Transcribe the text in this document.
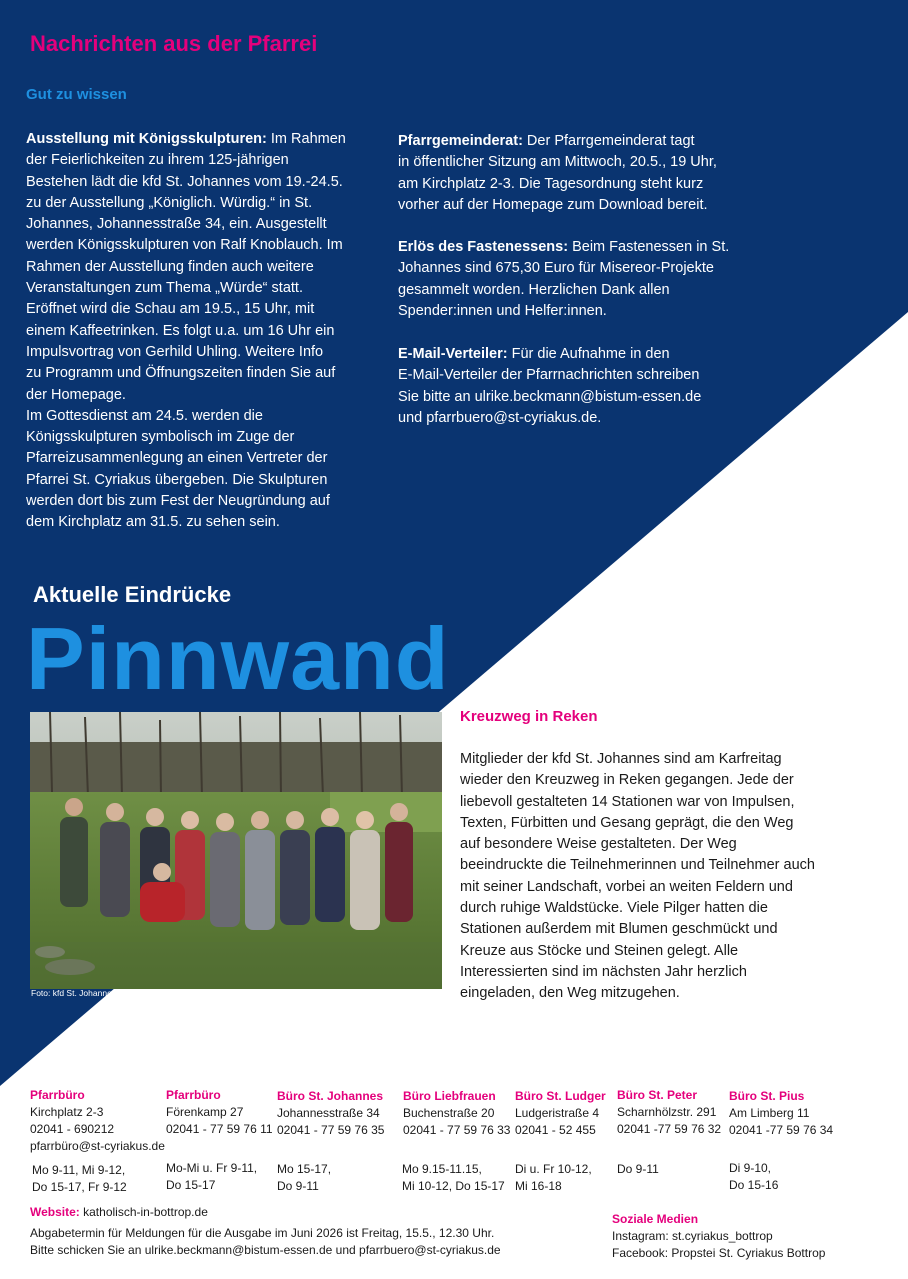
Nachrichten aus der Pfarrei
Gut zu wissen
Ausstellung mit Königsskulpturen: Im Rahmen
der Feierlichkeiten zu ihrem 125-jährigen
Bestehen lädt die kfd St. Johannes vom 19.-24.5.
zu der Ausstellung „Königlich. Würdig.“ in St.
Johannes, Johannesstraße 34, ein. Ausgestellt
werden Königsskulpturen von Ralf Knoblauch. Im
Rahmen der Ausstellung finden auch weitere
Veranstaltungen zum Thema „Würde“ statt.
Eröffnet wird die Schau am 19.5., 15 Uhr, mit
einem Kaffeetrinken. Es folgt u.a. um 16 Uhr ein
Impulsvortrag von Gerhild Uhling. Weitere Info
zu Programm und Öffnungszeiten finden Sie auf
der Homepage.
Im Gottesdienst am 24.5. werden die
Königsskulpturen symbolisch im Zuge der
Pfarreizusammenlegung an einen Vertreter der
Pfarrei St. Cyriakus übergeben. Die Skulpturen
werden dort bis zum Fest der Neugründung auf
dem Kirchplatz am 31.5. zu sehen sein.
Pfarrgemeinderat: Der Pfarrgemeinderat tagt
in öffentlicher Sitzung am Mittwoch, 20.5., 19 Uhr,
am Kirchplatz 2-3. Die Tagesordnung steht kurz
vorher auf der Homepage zum Download bereit.
Erlös des Fastenessens: Beim Fastenessen in St.
Johannes sind 675,30 Euro für Misereor-Projekte
gesammelt worden. Herzlichen Dank allen
Spender:innen und Helfer:innen.
E-Mail-Verteiler: Für die Aufnahme in den
E-Mail-Verteiler der Pfarrnachrichten schreiben
Sie bitte an ulrike.beckmann@bistum-essen.de
und pfarrbuero@st-cyriakus.de.
Aktuelle Eindrücke
Pinnwand
Foto: kfd St. Johannes
Kreuzweg in Reken
Mitglieder der kfd St. Johannes sind am Karfreitag
wieder den Kreuzweg in Reken gegangen. Jede der
liebevoll gestalteten 14 Stationen war von Impulsen,
Texten, Fürbitten und Gesang geprägt, die den Weg
auf besondere Weise gestalteten. Der Weg
beeindruckte die Teilnehmerinnen und Teilnehmer auch
mit seiner Landschaft, vorbei an weiten Feldern und
durch ruhige Waldstücke. Viele Pilger hatten die
Stationen außerdem mit Blumen geschmückt und
Kreuze aus Stöcke und Steinen gelegt. Alle
Interessierten sind im nächsten Jahr herzlich
eingeladen, den Weg mitzugehen.
Pfarrbüro
Kirchplatz 2-3
02041 - 690212
pfarrbüro@st-cyriakus.de
Mo 9-11, Mi 9-12,
Do 15-17, Fr 9-12
Pfarrbüro
Förenkamp 27
02041 - 77 59 76 11
Mo-Mi u. Fr 9-11,
Do 15-17
Büro St. Johannes
Johannesstraße 34
02041 - 77 59 76 35
Mo 15-17,
Do 9-11
Büro Liebfrauen
Buchenstraße 20
02041 - 77 59 76 33
Mo 9.15-11.15,
Mi 10-12, Do 15-17
Büro St. Ludger
Ludgeristraße 4
02041 - 52 455
Di u. Fr 10-12,
Mi 16-18
Büro St. Peter
Scharnhölzstr. 291
02041 -77 59 76 32
Do 9-11
Büro St. Pius
Am Limberg 11
02041 -77 59 76 34
Di 9-10,
Do 15-16
Website: katholisch-in-bottrop.de
Abgabetermin für Meldungen für die Ausgabe im Juni 2026 ist Freitag, 15.5., 12.30 Uhr.
Bitte schicken Sie an ulrike.beckmann@bistum-essen.de und pfarrbuero@st-cyriakus.de
Soziale Medien
Instagram: st.cyriakus_bottrop
Facebook: Propstei St. Cyriakus Bottrop
